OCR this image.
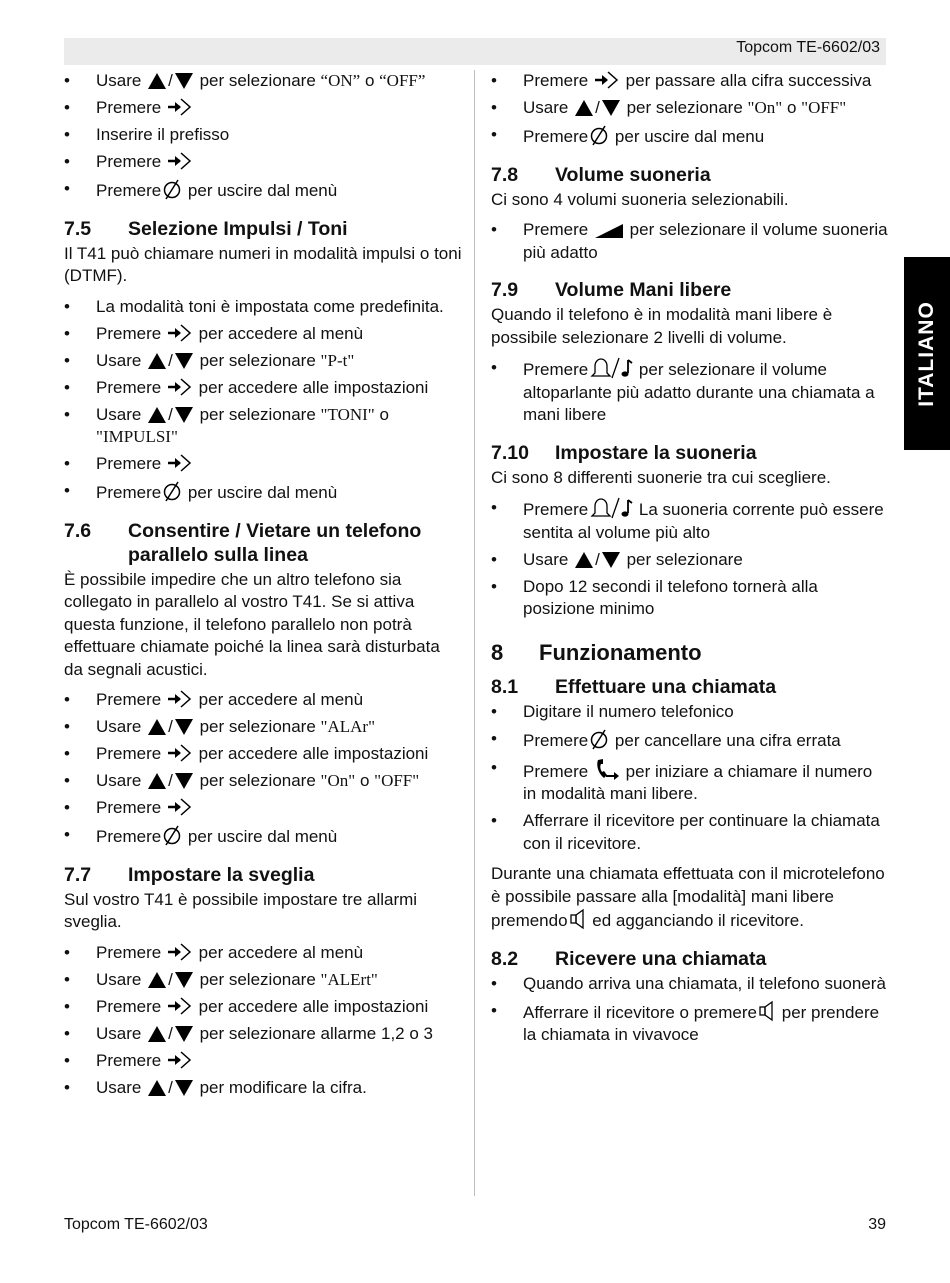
Topcom TE-6602/03
ITALIANO
• Usare / per selezionare “ON” o “OFF”
• Premere
• Inserire il prefisso
• Premere
• Premere per uscire dal menù
7.5	Selezione Impulsi / Toni

Il T41 può chiamare numeri in modalità impulsi o toni (DTMF).

• La modalità toni è impostata come predefinita.
• Premere per accedere al menù
• Usare / per selezionare "P-t"
• Premere per accedere alle impostazioni
• Usare / per selezionare "TONI" o "IMPULSI"
• Premere
• Premere per uscire dal menù
7.6	Consentire / Vietare un telefono parallelo sulla linea

È possibile impedire che un altro telefono sia collegato in parallelo al vostro T41. Se si attiva questa funzione, il telefono parallelo non potrà effettuare chiamate poiché la linea sarà disturbata da segnali acustici.

• Premere per accedere al menù
• Usare / per selezionare "ALAr"
• Premere per accedere alle impostazioni
• Usare / per selezionare "On" o "OFF"
• Premere
• Premere per uscire dal menù
7.7	Impostare la sveglia

Sul vostro T41 è possibile impostare tre allarmi sveglia.

• Premere per accedere al menù
• Usare / per selezionare "ALErt"
• Premere per accedere alle impostazioni
• Usare / per selezionare allarme 1,2 o 3
• Premere
• Usare / per modificare la cifra.
• Premere per passare alla cifra successiva
• Usare / per selezionare "On" o "OFF"
• Premere per uscire dal menu
7.8	Volume suoneria

Ci sono 4 volumi suoneria selezionabili.

• Premere per selezionare il volume suoneria più adatto
7.9	Volume Mani libere

Quando il telefono è in modalità mani libere è possibile selezionare 2 livelli di volume.

• Premere	per selezionare il volume altoparlante più adatto durante una chiamata a mani libere
7.10	Impostare la suoneria

Ci sono 8 differenti suonerie tra cui scegliere.

• Premere	La suoneria corrente può essere sentita al volume più alto
• Usare / per selezionare
• Dopo 12 secondi il telefono tornerà alla posizione minimo
8	Funzionamento
8.1	Effettuare una chiamata
• Digitare il numero telefonico
• Premere per cancellare una cifra errata
• Premere per iniziare a chiamare il numero in modalità mani libere.
• Afferrare il ricevitore per continuare la chiamata con il ricevitore.

Durante una chiamata effettuata con il microtelefono è possibile passare alla [modalità] mani libere premendo ed agganciando il ricevitore.

8.2	Ricevere una chiamata
• Quando arriva una chiamata, il telefono suonerà
• Afferrare il ricevitore o premere per prendere la chiamata in vivavoce
Topcom TE-6602/03	39
